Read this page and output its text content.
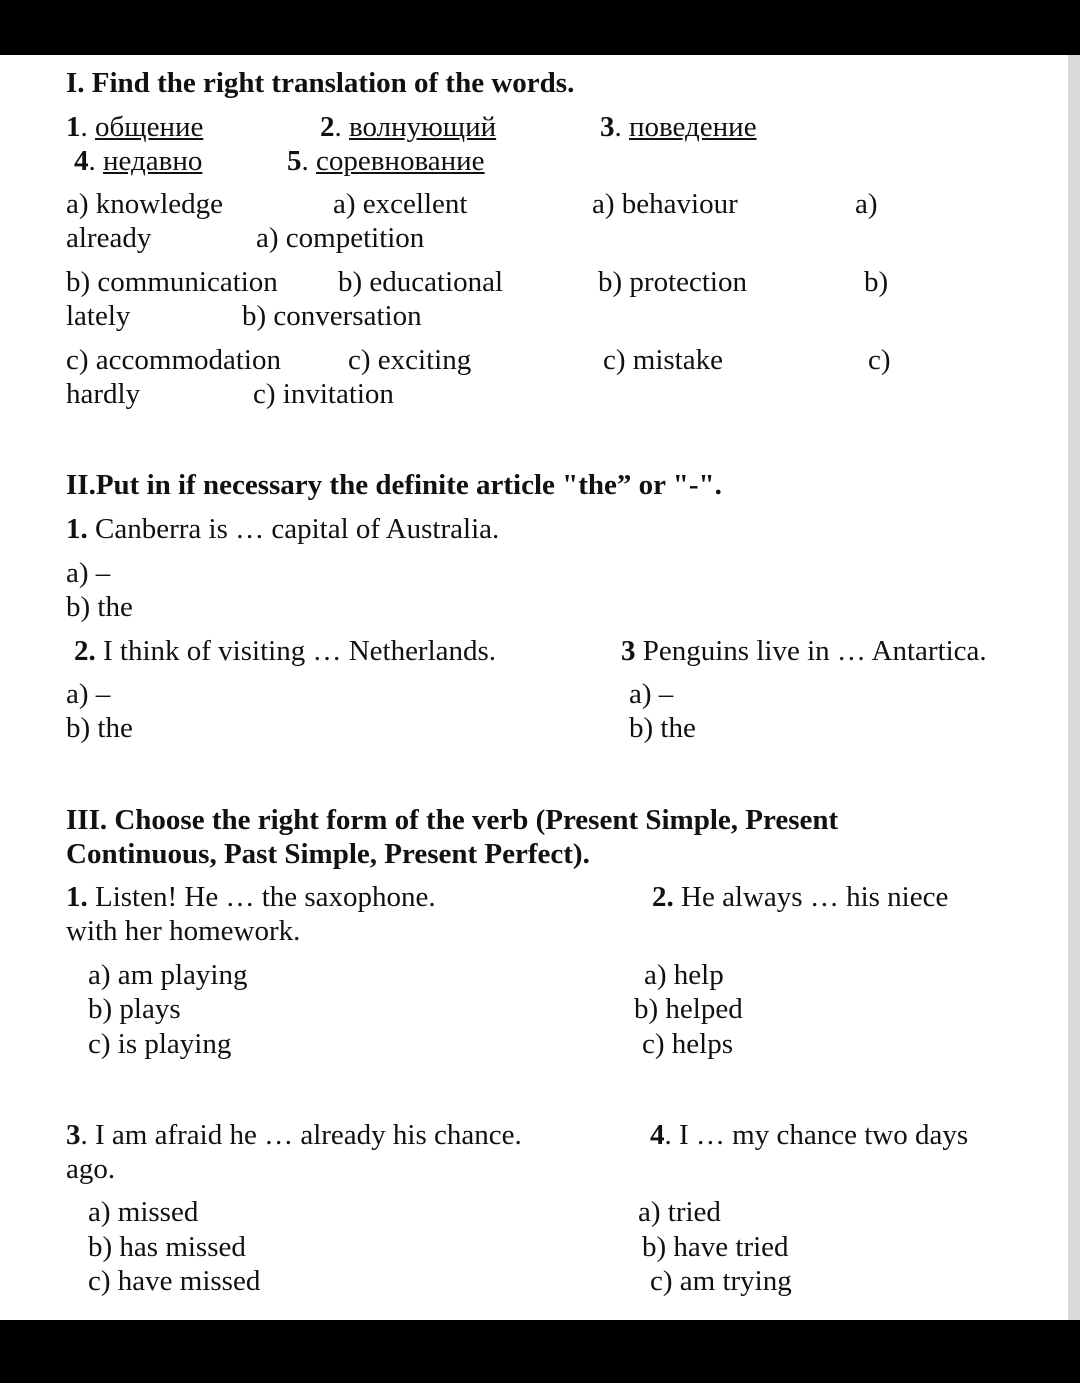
I. Find the right translation of the words.
1. общение	2. волнующий	3. поведение
4. недавно	5. соревнование
a) knowledge	a) excellent	a) behaviour	a)
already	a) competition
b) communication b) educational	b) protection	b)
lately	b) conversation
c) accommodation c) exciting	c) mistake	c)
hardly	c) invitation
II.Put in if necessary the definite article "the” or "-".
1. Canberra is … capital of Australia.
a) –
b) the
2. I think of visiting … Netherlands.
a) –
b) the
3 Penguins live in … Antartica.
a) –
b) the
III. Choose the right form of the verb (Present Simple, Present
Continuous, Past Simple, Present Perfect).
1. Listen! He … the saxophone.	2. He always … his niece
with her homework.
a) am playing
b) plays
c) is playing
a) help
b) helped
c) helps
3. I am afraid he … already his chance.	4. I … my chance two days
ago.
a) missed
b) has missed
c) have missed
a) tried
b) have tried
c) am trying
